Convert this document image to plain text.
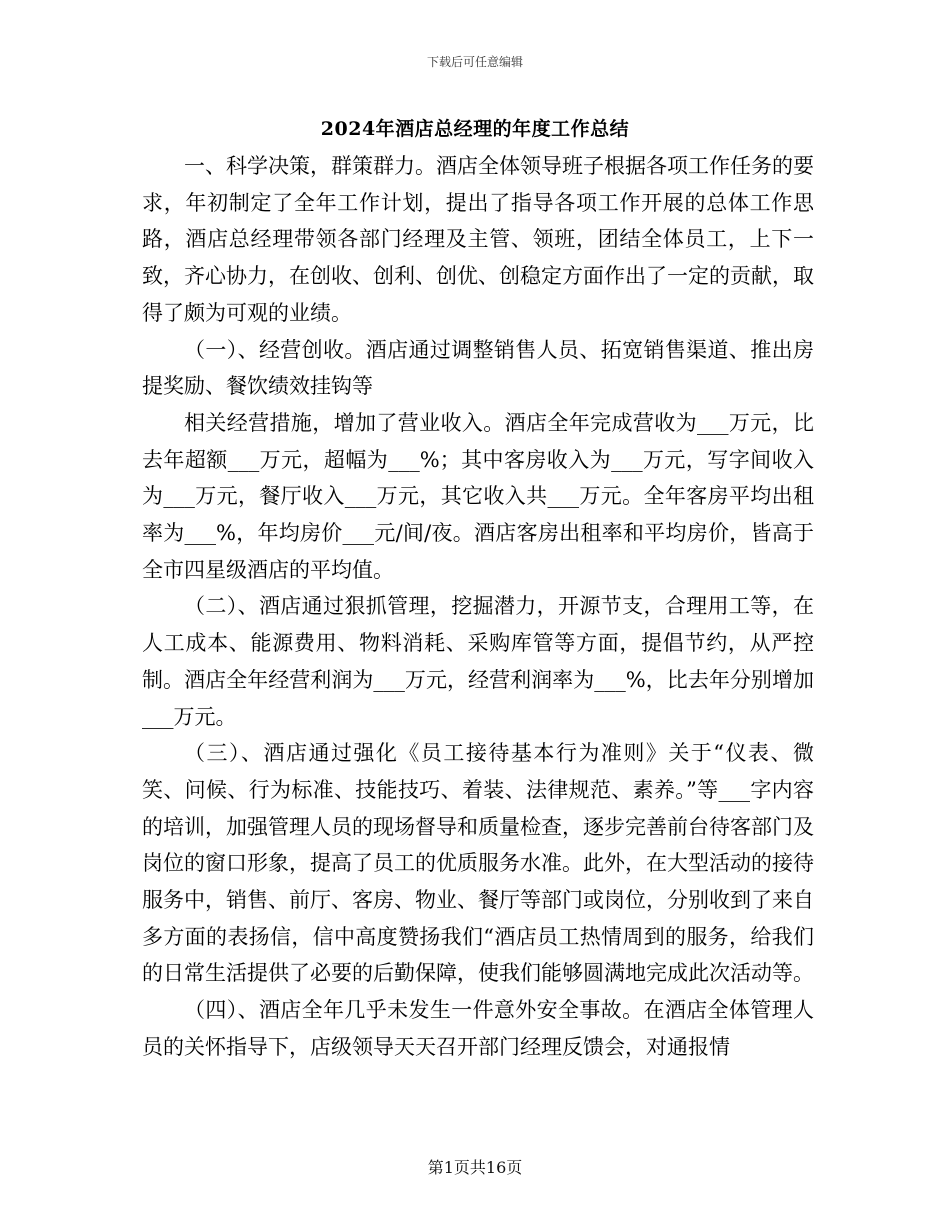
下载后可任意编辑
2024年酒店总经理的年度工作总结

一、科学决策，群策群力。酒店全体领导班子根据各项工作任务的要求，年初制定了全年工作计划，提出了指导各项工作开展的总体工作思路，酒店总经理带领各部门经理及主管、领班，团结全体员工，上下一致，齐心协力，在创收、创利、创优、创稳定方面作出了一定的贡献，取得了颇为可观的业绩。

（一）、经营创收。酒店通过调整销售人员、拓宽销售渠道、推出房提奖励、餐饮绩效挂钩等

相关经营措施，增加了营业收入。酒店全年完成营收为___万元，比去年超额___万元，超幅为___%；其中客房收入为___万元，写字间收入为___万元，餐厅收入___万元，其它收入共___万元。全年客房平均出租率为___%，年均房价___元/间/夜。酒店客房出租率和平均房价，皆高于全市四星级酒店的平均值。

（二）、酒店通过狠抓管理，挖掘潜力，开源节支，合理用工等，在人工成本、能源费用、物料消耗、采购库管等方面，提倡节约，从严控制。酒店全年经营利润为___万元，经营利润率为___%，比去年分别增加___万元。

（三）、酒店通过强化《员工接待基本行为准则》关于“仪表、微笑、问候、行为标准、技能技巧、着装、法律规范、素养。”等___字内容的培训，加强管理人员的现场督导和质量检查，逐步完善前台待客部门及岗位的窗口形象，提高了员工的优质服务水准。此外，在大型活动的接待服务中，销售、前厅、客房、物业、餐厅等部门或岗位，分别收到了来自多方面的表扬信，信中高度赞扬我们“酒店员工热情周到的服务，给我们的日常生活提供了必要的后勤保障，使我们能够圆满地完成此次活动等。

（四）、酒店全年几乎未发生一件意外安全事故。在酒店全体管理人员的关怀指导下，店级领导天天召开部门经理反馈会，对通报情

第1页共16页
